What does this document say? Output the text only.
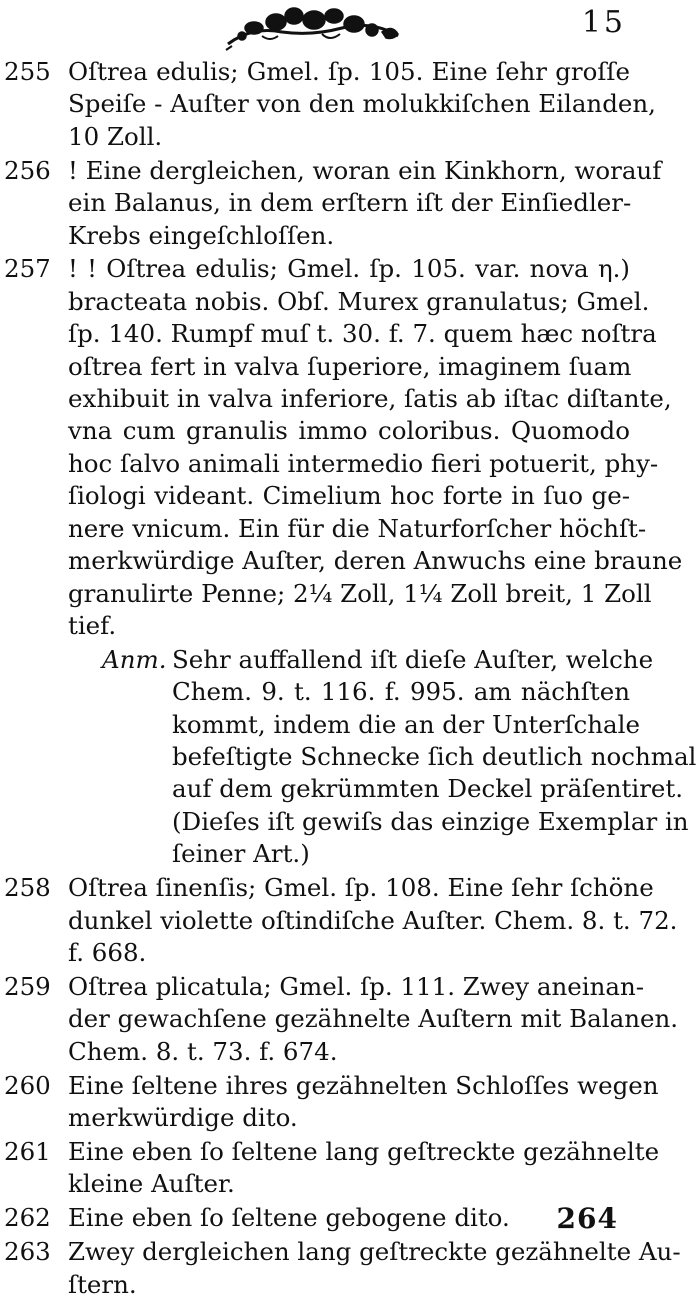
15
255 Oſtrea edulis; Gmel. ſp. 105. Eine ſehr groſſe
Speiſe - Auſter von den molukkiſchen Eilanden,
10 Zoll.
256 ! Eine dergleichen, woran ein Kinkhorn, worauf
ein Balanus, in dem erſtern iſt der Einſiedler-
Krebs eingeſchloſſen.
257 ! ! Oſtrea edulis; Gmel. ſp. 105. var. nova η.)
bracteata nobis. Obſ. Murex granulatus; Gmel.
ſp. 140. Rumpf muſ t. 30. f. 7. quem hæc noſtra
oſtrea fert in valva ſuperiore, imaginem ſuam
exhibuit in valva inferiore, ſatis ab iſtac diſtante,
vna cum granulis immo coloribus. Quomodo
hoc ſalvo animali intermedio fieri potuerit, phy-
ſiologi videant. Cimelium hoc forte in ſuo ge-
nere vnicum. Ein für die Naturforſcher höchſt-
merkwürdige Auſter, deren Anwuchs eine braune
granulirte Penne; 2¼ Zoll, 1¼ Zoll breit, 1 Zoll
tief.
Anm. Sehr auffallend iſt dieſe Auſter, welche
Chem. 9. t. 116. f. 995. am nächſten
kommt, indem die an der Unterſchale
befeſtigte Schnecke ſich deutlich nochmal
auf dem gekrümmten Deckel präſentiret.
(Dieſes iſt gewiſs das einzige Exemplar in
ſeiner Art.)
258 Oſtrea ſinenſis; Gmel. ſp. 108. Eine ſehr ſchöne
dunkel violette oſtindiſche Auſter. Chem. 8. t. 72.
f. 668.
259 Oſtrea plicatula; Gmel. ſp. 111. Zwey aneinan-
der gewachſene gezähnelte Auſtern mit Balanen.
Chem. 8. t. 73. f. 674.
260 Eine ſeltene ihres gezähnelten Schloſſes wegen
merkwürdige dito.
261 Eine eben ſo ſeltene lang geſtreckte gezähnelte
kleine Auſter.
262 Eine eben ſo ſeltene gebogene dito.
263 Zwey dergleichen lang geſtreckte gezähnelte Au-
ſtern.
264
